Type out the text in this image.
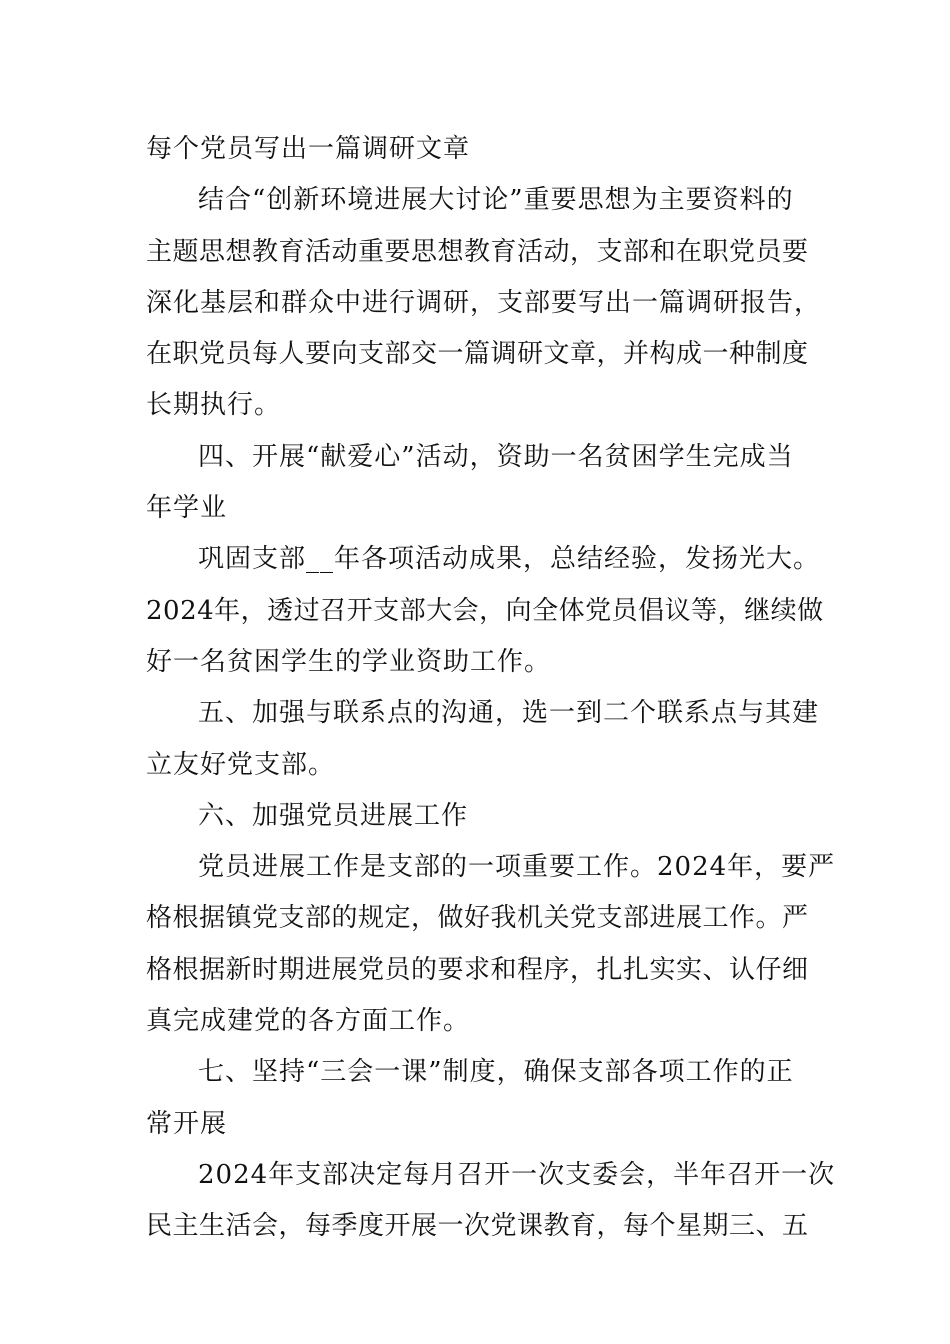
每个党员写出一篇调研文章
结合“创新环境进展大讨论”重要思想为主要资料的
主题思想教育活动重要思想教育活动，支部和在职党员要
深化基层和群众中进行调研，支部要写出一篇调研报告，
在职党员每人要向支部交一篇调研文章，并构成一种制度
长期执行。
四、开展“献爱心”活动，资助一名贫困学生完成当
年学业
巩固支部__年各项活动成果，总结经验，发扬光大。
2024年，透过召开支部大会，向全体党员倡议等，继续做
好一名贫困学生的学业资助工作。
五、加强与联系点的沟通，选一到二个联系点与其建
立友好党支部。
六、加强党员进展工作
党员进展工作是支部的一项重要工作。2024年，要严
格根据镇党支部的规定，做好我机关党支部进展工作。严
格根据新时期进展党员的要求和程序，扎扎实实、认仔细
真完成建党的各方面工作。
七、坚持“三会一课”制度，确保支部各项工作的正
常开展
2024年支部决定每月召开一次支委会，半年召开一次
民主生活会，每季度开展一次党课教育，每个星期三、五
